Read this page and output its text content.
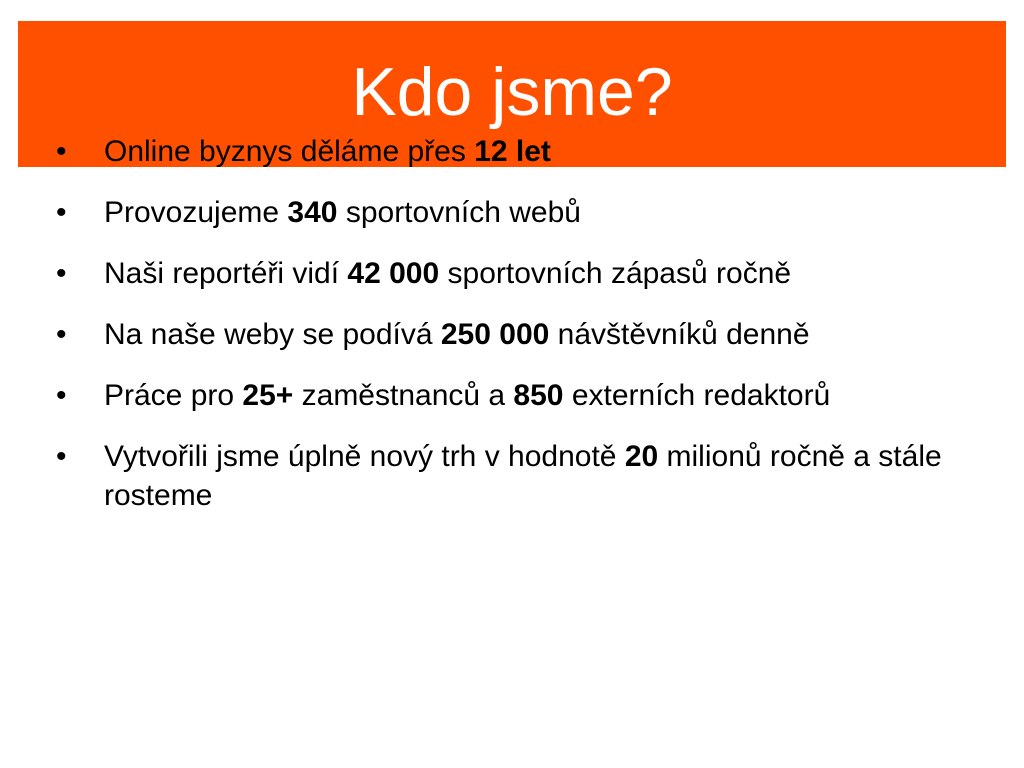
Kdo jsme?
•	Online byznys děláme přes 12 let
•	Provozujeme 340 sportovních webů
•	Naši reportéři vidí 42 000 sportovních zápasů ročně
•	Na naše weby se podívá 250 000 návštěvníků denně
•	Práce pro 25+ zaměstnanců a 850 externích redaktorů
•	Vytvořili jsme úplně nový trh v hodnotě 20 milionů ročně a stále rosteme
